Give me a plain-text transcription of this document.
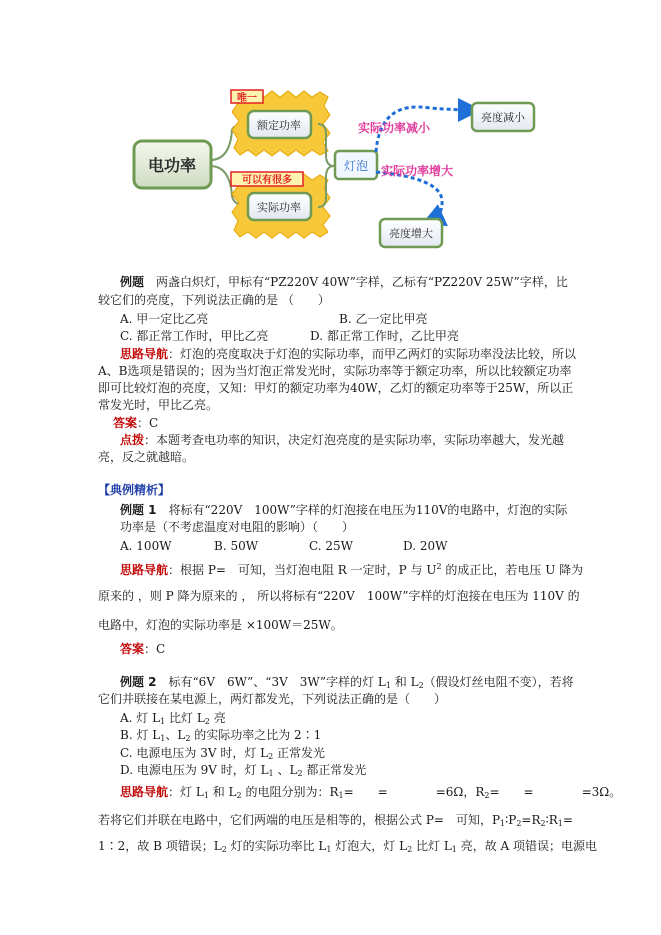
电功率
唯一
可以有很多
额定功率
实际功率
灯泡
实际功率减小
实际功率增大
亮度减小
亮度增大
例题　 两盏白炽灯，甲标有“PZ220V 40W”字样，乙标有“PZ220V 25W”字样，比
较它们的亮度，下列说法正确的是 （　　）
A. 甲一定比乙亮	B. 乙一定比甲亮
C. 都正常工作时，甲比乙亮	D. 都正常工作时，乙比甲亮
思路导航：灯泡的亮度取决于灯泡的实际功率，而甲乙两灯的实际功率没法比较，所以
A、B选项是错误的；因为当灯泡正常发光时，实际功率等于额定功率，所以比较额定功率
即可比较灯泡的亮度，又知：甲灯的额定功率为40W，乙灯的额定功率等于25W，所以正
常发光时，甲比乙亮。
答案：C
点拨：本题考查电功率的知识，决定灯泡亮度的是实际功率，实际功率越大，发光越
亮，反之就越暗。
【典例精析】
例题 1　 将标有“220V　100W”字样的灯泡接在电压为110V的电路中，灯泡的实际
功率是（不考虑温度对电阻的影响）（　　）
A. 100W	B. 50W	C. 25W	D. 20W
思路导航：根据 P=　可知，当灯泡电阻 R 一定时，P 与 $U^2$ 的成正比，若电压 U 降为
原来的 ，则 P 降为原来的 ， 所以将标有“220V　100W”字样的灯泡接在电压为 110V 的
电路中，灯泡的实际功率是 ×100W＝25W。
答案：C
例题 2　 标有“6V　6W”、“3V　3W”字样的灯 $L_1$ 和 $L_2$（假设灯丝电阻不变），若将
它们并联接在某电源上，两灯都发光，下列说法正确的是（　　）
A. 灯 $L_1$ 比灯 $L_2$ 亮
B. 灯 $L_1$、$L_2$ 的实际功率之比为 2∶1
C. 电源电压为 3V 时，灯 $L_2$ 正常发光
D. 电源电压为 9V 时，灯 $L_1$ 、$L_2$ 都正常发光
思路导航：灯 $L_1$ 和 $L_2$ 的电阻分别为：$R_1=$　　=　　　　=6Ω，$R_2=$　　=　　　　=3Ω。
若将它们并联在电路中，它们两端的电压是相等的，根据公式 P=　可知，$P_1∶P_2=R_2∶R_1=$
1∶2，故 B 项错误；$L_2$ 灯的实际功率比 $L_1$ 灯泡大，灯 $L_2$ 比灯 $L_1$ 亮，故 A 项错误；电源电
